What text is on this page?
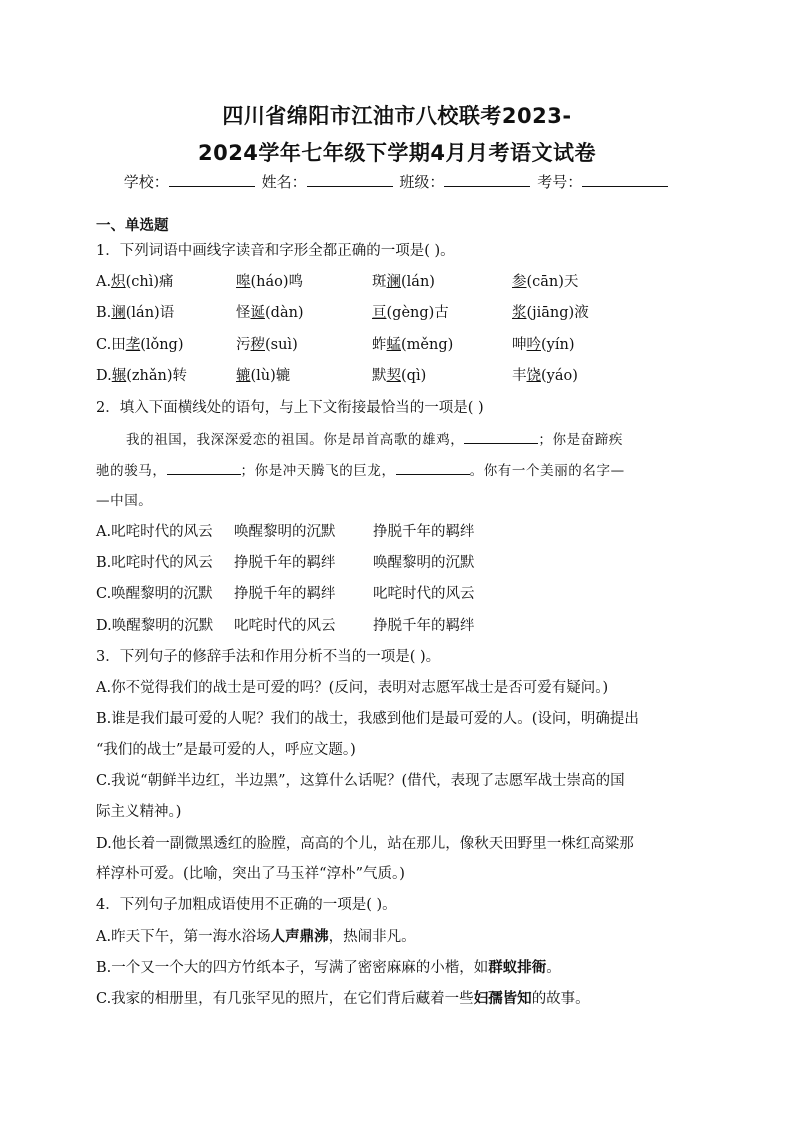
四川省绵阳市江油市八校联考2023-
2024学年七年级下学期4月月考语文试卷
学校：	姓名：	班级：	考号：
一、单选题
1．下列词语中画线字读音和字形全都正确的一项是( )。
A.炽(chì)痛	嗥(háo)鸣	斑澜(lán)	参(cān)天
B.谰(lán)语	怪诞(dàn)	亘(gèng)古	浆(jiāng)液
C.田垄(lǒng)	污秽(suì)	蚱蜢(měng)	呻吟(yín)
D.辗(zhǎn)转	辘(lù)辘	默契(qì)	丰饶(yáo)
2．填入下面横线处的语句，与上下文衔接最恰当的一项是( )
我的祖国，我深深爱恋的祖国。你是昂首高歌的雄鸡，	；你是奋蹄疾
驰的骏马，	；你是冲天腾飞的巨龙，	。你有一个美丽的名字—
—中国。
A.叱咤时代的风云 唤醒黎明的沉默	挣脱千年的羁绊
B.叱咤时代的风云 挣脱千年的羁绊	唤醒黎明的沉默
C.唤醒黎明的沉默 挣脱千年的羁绊	叱咤时代的风云
D.唤醒黎明的沉默 叱咤时代的风云	挣脱千年的羁绊
3．下列句子的修辞手法和作用分析不当的一项是( )。
A.你不觉得我们的战士是可爱的吗？(反问，表明对志愿军战士是否可爱有疑问。)
B.谁是我们最可爱的人呢？我们的战士，我感到他们是最可爱的人。(设问，明确提出
“我们的战士”是最可爱的人，呼应文题。)
C.我说“朝鲜半边红，半边黑”，这算什么话呢？(借代，表现了志愿军战士崇高的国
际主义精神。)
D.他长着一副微黑透红的脸膛，高高的个儿，站在那儿，像秋天田野里一株红高粱那
样淳朴可爱。(比喻，突出了马玉祥“淳朴”气质。)
4．下列句子加粗成语使用不正确的一项是( )。
A.昨天下午，第一海水浴场人声鼎沸，热闹非凡。
B.一个又一个大的四方竹纸本子，写满了密密麻麻的小楷，如群蚁排衙。
C.我家的相册里，有几张罕见的照片，在它们背后藏着一些妇孺皆知的故事。
